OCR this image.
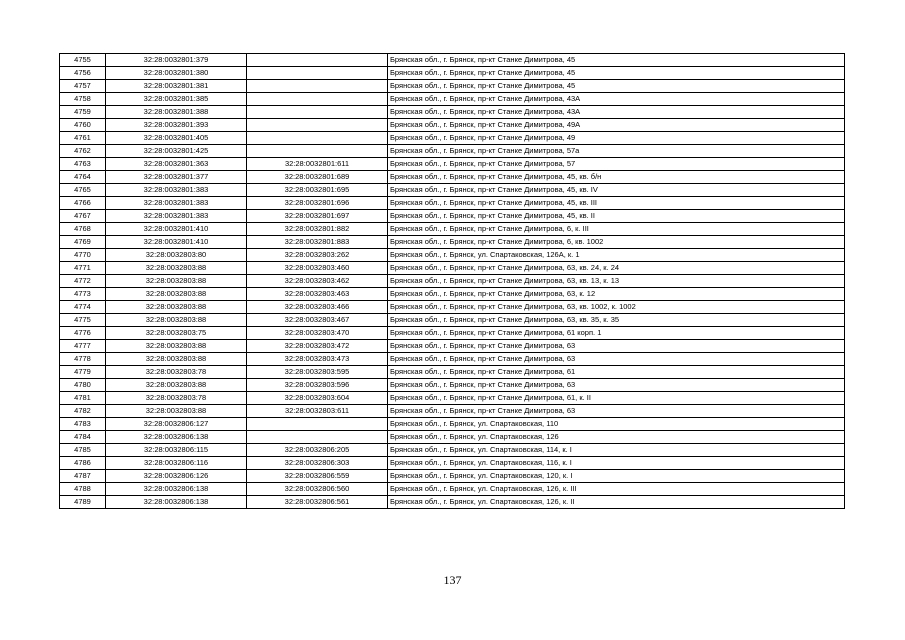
4755	32:28:0032801:379		Брянская обл., г. Брянск, пр-кт Станке Димитрова, 45
4756	32:28:0032801:380		Брянская обл., г. Брянск, пр-кт Станке Димитрова, 45
4757	32:28:0032801:381		Брянская обл., г. Брянск, пр-кт Станке Димитрова, 45
4758	32:28:0032801:385		Брянская обл., г. Брянск, пр-кт Станке Димитрова, 43А
4759	32:28:0032801:388		Брянская обл., г. Брянск, пр-кт Станке Димитрова, 43А
4760	32:28:0032801:393		Брянская обл., г. Брянск, пр-кт Станке Димитрова, 49А
4761	32:28:0032801:405		Брянская обл., г. Брянск, пр-кт Станке Димитрова, 49
4762	32:28:0032801:425		Брянская обл., г. Брянск, пр-кт Станке Димитрова, 57а
4763	32:28:0032801:363	32:28:0032801:611	Брянская обл., г. Брянск, пр-кт Станке Димитрова, 57
4764	32:28:0032801:377	32:28:0032801:689	Брянская обл., г. Брянск, пр-кт Станке Димитрова, 45, кв. б/н
4765	32:28:0032801:383	32:28:0032801:695	Брянская обл., г. Брянск, пр-кт Станке Димитрова, 45, кв. IV
4766	32:28:0032801:383	32:28:0032801:696	Брянская обл., г. Брянск, пр-кт Станке Димитрова, 45, кв. III
4767	32:28:0032801:383	32:28:0032801:697	Брянская обл., г. Брянск, пр-кт Станке Димитрова, 45, кв. II
4768	32:28:0032801:410	32:28:0032801:882	Брянская обл., г. Брянск, пр-кт Станке Димитрова, 6, к. III
4769	32:28:0032801:410	32:28:0032801:883	Брянская обл., г. Брянск, пр-кт Станке Димитрова, 6, кв. 1002
4770	32:28:0032803:80	32:28:0032803:262	Брянская обл., г. Брянск, ул. Спартаковская, 126А, к. 1
4771	32:28:0032803:88	32:28:0032803:460	Брянская обл., г. Брянск, пр-кт Станке Димитрова, 63, кв. 24, к. 24
4772	32:28:0032803:88	32:28:0032803:462	Брянская обл., г. Брянск, пр-кт Станке Димитрова, 63, кв. 13, к. 13
4773	32:28:0032803:88	32:28:0032803:463	Брянская обл., г. Брянск, пр-кт Станке Димитрова, 63, к. 12
4774	32:28:0032803:88	32:28:0032803:466	Брянская обл., г. Брянск, пр-кт Станке Димитрова, 63, кв. 1002, к. 1002
4775	32:28:0032803:88	32:28:0032803:467	Брянская обл., г. Брянск, пр-кт Станке Димитрова, 63, кв. 35, к. 35
4776	32:28:0032803:75	32:28:0032803:470	Брянская обл., г. Брянск, пр-кт Станке Димитрова, 61 корп. 1
4777	32:28:0032803:88	32:28:0032803:472	Брянская обл., г. Брянск, пр-кт Станке Димитрова, 63
4778	32:28:0032803:88	32:28:0032803:473	Брянская обл., г. Брянск, пр-кт Станке Димитрова, 63
4779	32:28:0032803:78	32:28:0032803:595	Брянская обл., г. Брянск, пр-кт Станке Димитрова, 61
4780	32:28:0032803:88	32:28:0032803:596	Брянская обл., г. Брянск, пр-кт Станке Димитрова, 63
4781	32:28:0032803:78	32:28:0032803:604	Брянская обл., г. Брянск, пр-кт Станке Димитрова, 61, к. II
4782	32:28:0032803:88	32:28:0032803:611	Брянская обл., г. Брянск, пр-кт Станке Димитрова, 63
4783	32:28:0032806:127		Брянская обл., г. Брянск, ул. Спартаковская, 110
4784	32:28:0032806:138		Брянская обл., г. Брянск, ул. Спартаковская, 126
4785	32:28:0032806:115	32:28:0032806:205	Брянская обл., г. Брянск, ул. Спартаковская, 114, к. I
4786	32:28:0032806:116	32:28:0032806:303	Брянская обл., г. Брянск, ул. Спартаковская, 116, к. I
4787	32:28:0032806:126	32:28:0032806:559	Брянская обл., г. Брянск, ул. Спартаковская, 120, к. I
4788	32:28:0032806:138	32:28:0032806:560	Брянская обл., г. Брянск, ул. Спартаковская, 126, к. III
4789	32:28:0032806:138	32:28:0032806:561	Брянская обл., г. Брянск, ул. Спартаковская, 126, к. II
137
